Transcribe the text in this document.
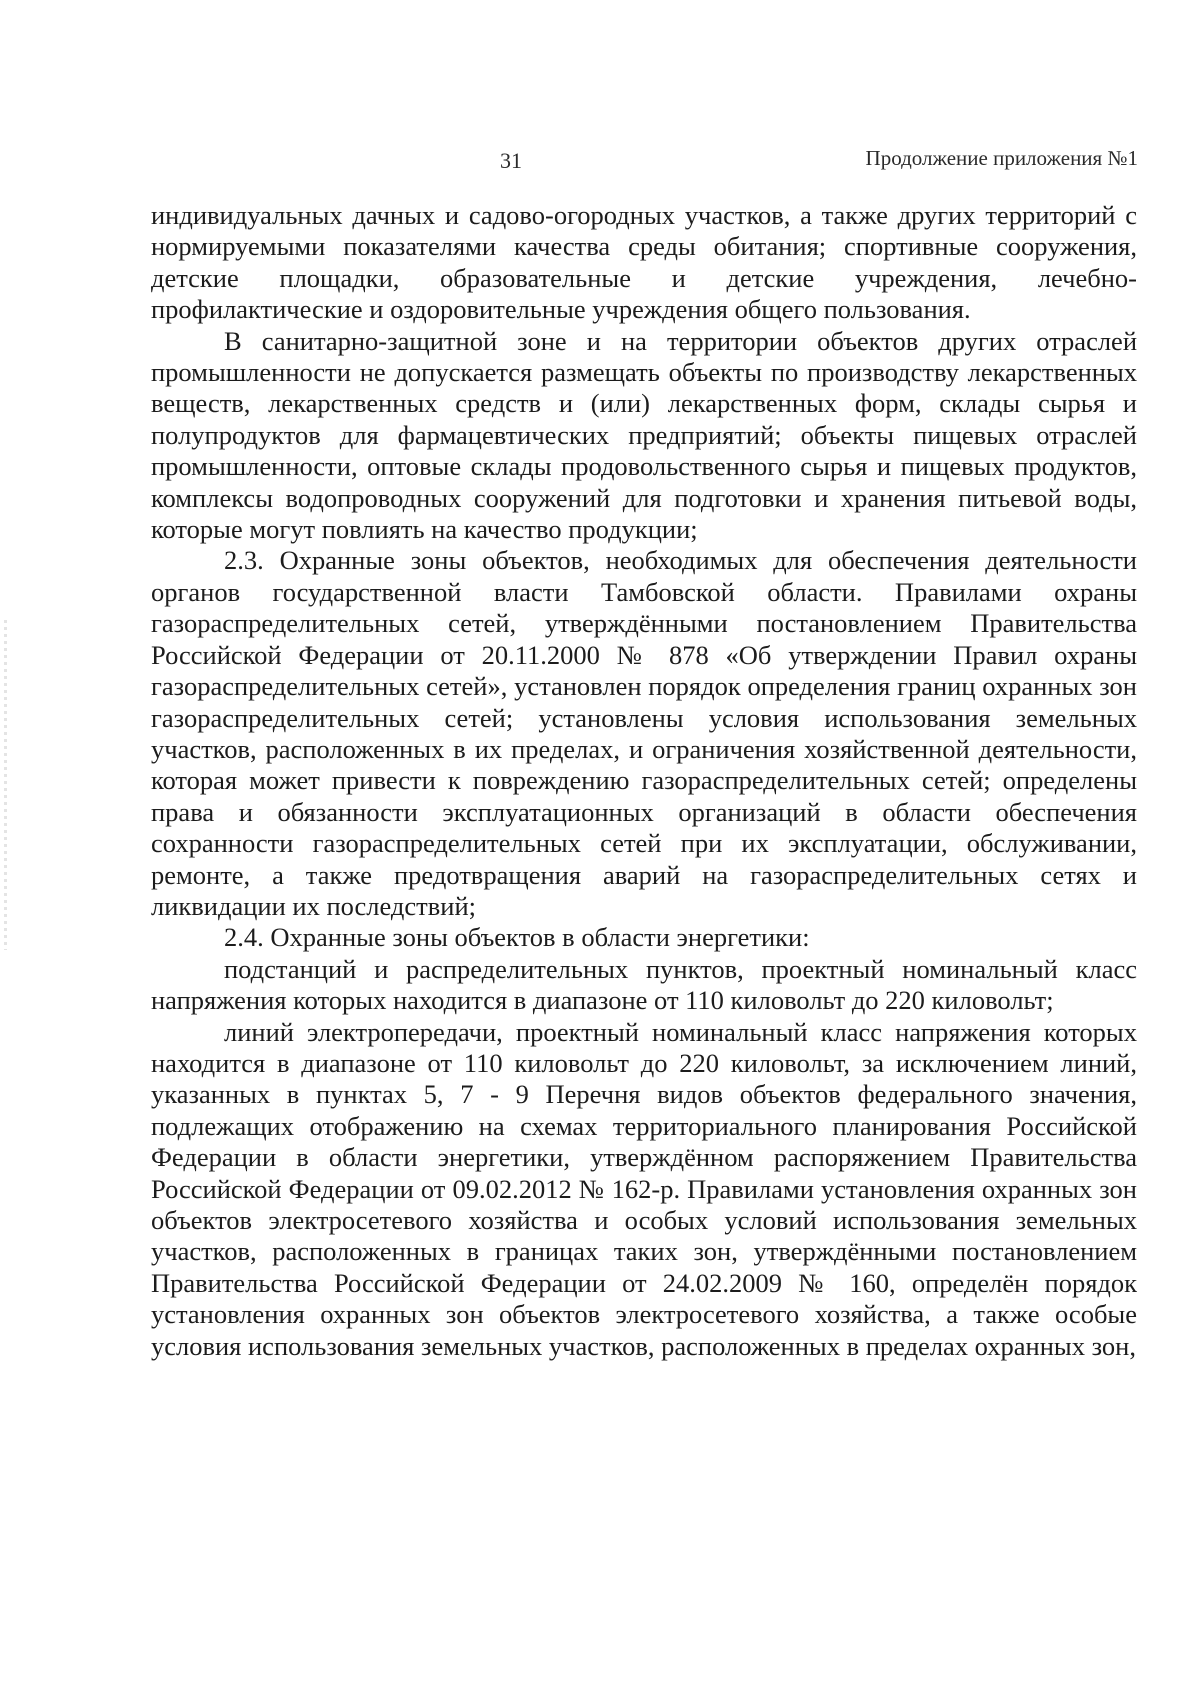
31	Продолжение приложения №1

индивидуальных дачных и садово-огородных участков, а также других территорий с нормируемыми показателями качества среды обитания; спортивные сооружения, детские площадки, образовательные и детские учреждения, лечебно-профилактические и оздоровительные учреждения общего пользования.

В санитарно-защитной зоне и на территории объектов других отраслей промышленности не допускается размещать объекты по производству лекарственных веществ, лекарственных средств и (или) лекарственных форм, склады сырья и полупродуктов для фармацевтических предприятий; объекты пищевых отраслей промышленности, оптовые склады продовольственного сырья и пищевых продуктов, комплексы водопроводных сооружений для подготовки и хранения питьевой воды, которые могут повлиять на качество продукции;

2.3. Охранные зоны объектов, необходимых для обеспечения деятельности органов государственной власти Тамбовской области. Правилами охраны газораспределительных сетей, утверждёнными постановлением Правительства Российской Федерации от 20.11.2000 № 878 «Об утверждении Правил охраны газораспределительных сетей», установлен порядок определения границ охранных зон газораспределительных сетей; установлены условия использования земельных участков, расположенных в их пределах, и ограничения хозяйственной деятельности, которая может привести к повреждению газораспределительных сетей; определены права и обязанности эксплуатационных организаций в области обеспечения сохранности газораспределительных сетей при их эксплуатации, обслуживании, ремонте, а также предотвращения аварий на газораспределительных сетях и ликвидации их последствий;

2.4. Охранные зоны объектов в области энергетики:

подстанций и распределительных пунктов, проектный номинальный класс напряжения которых находится в диапазоне от 110 киловольт до 220 киловольт;

линий электропередачи, проектный номинальный класс напряжения которых находится в диапазоне от 110 киловольт до 220 киловольт, за исключением линий, указанных в пунктах 5, 7 - 9 Перечня видов объектов федерального значения, подлежащих отображению на схемах территориального планирования Российской Федерации в области энергетики, утверждённом распоряжением Правительства Российской Федерации от 09.02.2012 № 162-р. Правилами установления охранных зон объектов электросетевого хозяйства и особых условий использования земельных участков, расположенных в границах таких зон, утверждёнными постановлением Правительства Российской Федерации от 24.02.2009 № 160, определён порядок установления охранных зон объектов электросетевого хозяйства, а также особые условия использования земельных участков, расположенных в пределах охранных зон,
